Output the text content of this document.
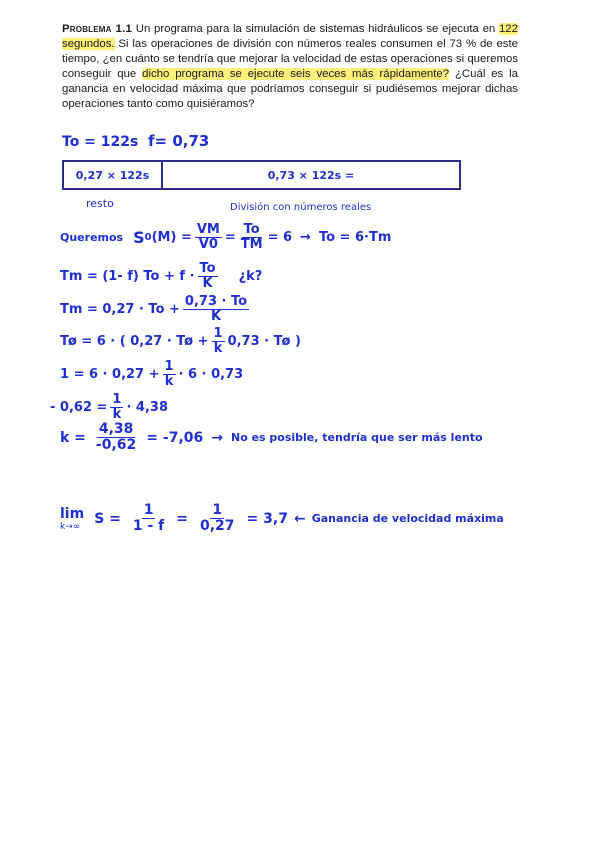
Problema 1.1 Un programa para la simulación de sistemas hidráulicos se ejecuta en 122 segundos. Si las operaciones de división con números reales consumen el 73 % de este tiempo, ¿en cuánto se tendría que mejorar la velocidad de estas operaciones si queremos conseguir que dicho programa se ejecute seis veces más rápidamente? ¿Cuál es la ganancia en velocidad máxima que podríamos conseguir si pudiésemos mejorar dichas operaciones tanto como quisiéramos?
To = 122s f= 0,73
0,27 × 122s	0,73 × 122s =
resto	División con números reales
Queremos S 0 $(M) = \frac{VM}{V0} = \frac{To}{TM} = 6 \to To = 6\cdot Tm$
Tm = (1- f) $To + f \cdot \frac{To}{K}$ ¿k?
$Tm = 0,27 \cdot To + \frac{0,73 \cdot To}{K}$
Tø = 6 · ( 0,27 · Tø + $\frac{1}{k} 0,73$ · Tø )
$1 = 6 \cdot 0,27 + \frac{1}{k} \cdot 6 \cdot 0,73$
- $0,62 = \frac{1}{k} \cdot 4,38$
$k = \frac{4,38}{-0,62} = -7,06 \to No$ es posible, tendría que ser más lento
lim
k→∞ $S = \frac{1}{1 - f} = \frac{1}{0,27} = 3,7$ ← Ganancia de velocidad máxima
